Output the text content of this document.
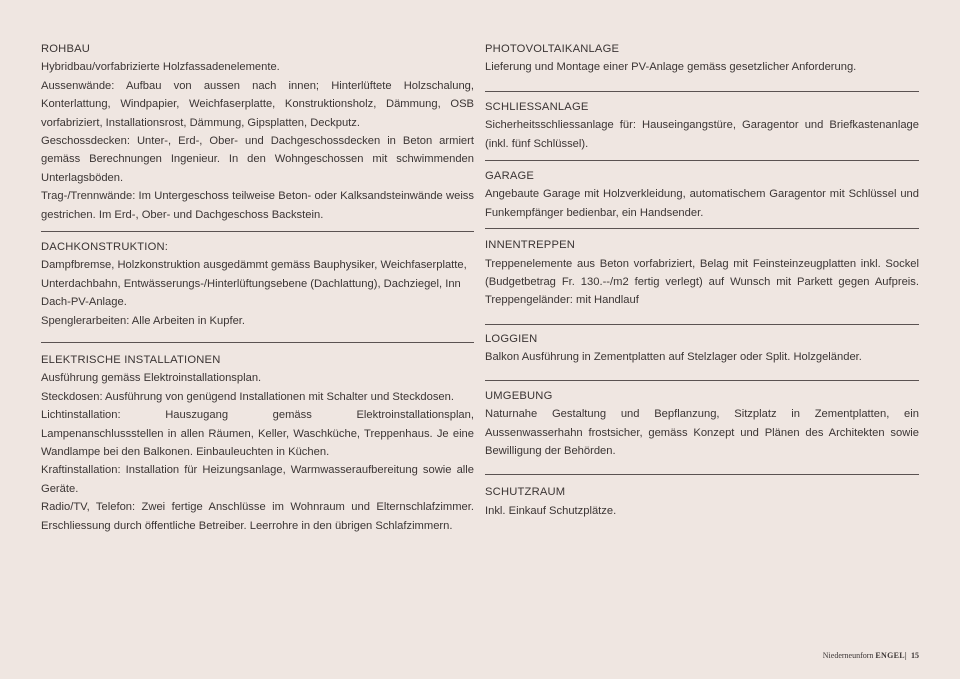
ROHBAU
Hybridbau/vorfabrizierte Holzfassadenelemente.
Aussenwände: Aufbau von aussen nach innen; Hinterlüftete Holzschalung, Konterlattung, Windpapier, Weichfaserplatte, Konstruktionsholz, Dämmung, OSB vorfabriziert, Installationsrost, Dämmung, Gipsplatten, Deckputz.
Geschossdecken: Unter-, Erd-, Ober- und Dachgeschossdecken in Beton armiert gemäss Berechnungen Ingenieur. In den Wohngeschossen mit schwimmenden Unterlagsböden.
Trag-/Trennwände: Im Untergeschoss teilweise Beton- oder Kalksandsteinwände weiss gestrichen. Im Erd-, Ober- und Dachgeschoss Backstein.
DACHKONSTRUKTION:
Dampfbremse, Holzkonstruktion ausgedämmt gemäss Bauphysiker, Weichfaserplatte, Unterdachbahn, Entwässerungs-/Hinterlüftungsebene (Dachlattung), Dachziegel, Inn Dach-PV-Anlage.
Spenglerarbeiten: Alle Arbeiten in Kupfer.
ELEKTRISCHE INSTALLATIONEN
Ausführung gemäss Elektroinstallationsplan.
Steckdosen: Ausführung von genügend Installationen mit Schalter und Steckdosen.
Lichtinstallation: Hauszugang gemäss Elektroinstallationsplan, Lampenanschlussstellen in allen Räumen, Keller, Waschküche, Treppenhaus. Je eine Wandlampe bei den Balkonen. Einbauleuchten in Küchen.
Kraftinstallation: Installation für Heizungsanlage, Warmwasseraufbereitung sowie alle Geräte.
Radio/TV, Telefon: Zwei fertige Anschlüsse im Wohnraum und Elternschlafzimmer. Erschliessung durch öffentliche Betreiber. Leerrohre in den übrigen Schlafzimmern.
PHOTOVOLTAIKANLAGE
Lieferung und Montage einer PV-Anlage gemäss gesetzlicher Anforderung.
SCHLIESSANLAGE
Sicherheitsschliessanlage für: Hauseingangstüre, Garagentor und Briefkastenanlage (inkl. fünf Schlüssel).
GARAGE
Angebaute Garage mit Holzverkleidung, automatischem Garagentor mit Schlüssel und Funkempfänger bedienbar, ein Handsender.
INNENTREPPEN
Treppenelemente aus Beton vorfabriziert, Belag mit Feinsteinzeugplatten inkl. Sockel (Budgetbetrag Fr. 130.--/m2 fertig verlegt) auf Wunsch mit Parkett gegen Aufpreis. Treppengeländer: mit Handlauf
LOGGIEN
Balkon Ausführung in Zementplatten auf Stelzlager oder Split. Holzgeländer.
UMGEBUNG
Naturnahe Gestaltung und Bepflanzung, Sitzplatz in Zementplatten, ein Aussenwasserhahn frostsicher, gemäss Konzept und Plänen des Architekten sowie Bewilligung der Behörden.
SCHUTZRAUM
Inkl. Einkauf Schutzplätze.
Niederneunforn ENGEL| 15
